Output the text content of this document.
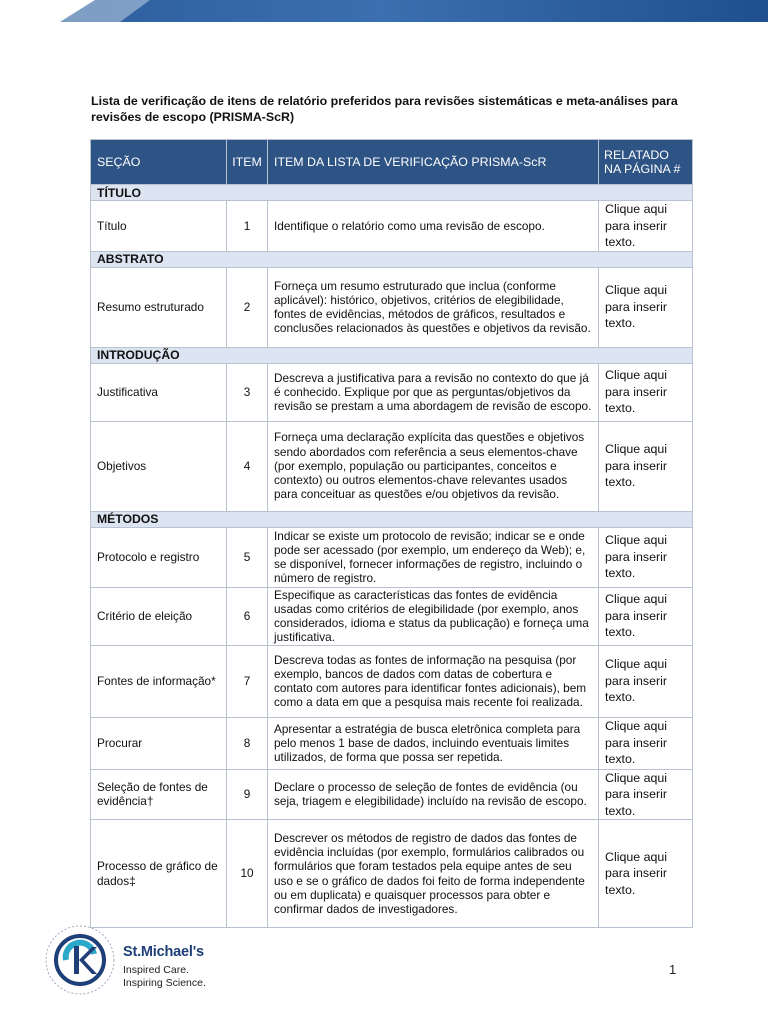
Lista de verificação de itens de relatório preferidos para revisões sistemáticas e meta-análises para revisões de escopo (PRISMA-ScR)

SEÇÃO	ITEM	ITEM DA LISTA DE VERIFICAÇÃO PRISMA-ScR	RELATADO NA PÁGINA #
TÍTULO			
Título	1	Identifique o relatório como uma revisão de escopo.	Clique aqui para inserir texto.
ABSTRATO			
Resumo estruturado	2	Forneça um resumo estruturado que inclua (conforme aplicável): histórico, objetivos, critérios de elegibilidade, fontes de evidências, métodos de gráficos, resultados e conclusões relacionados às questões e objetivos da revisão.	Clique aqui para inserir texto.
INTRODUÇÃO			
Justificativa	3	Descreva a justificativa para a revisão no contexto do que já é conhecido. Explique por que as perguntas/objetivos da revisão se prestam a uma abordagem de revisão de escopo.	Clique aqui para inserir texto.
Objetivos	4	Forneça uma declaração explícita das questões e objetivos sendo abordados com referência a seus elementos-chave (por exemplo, população ou participantes, conceitos e contexto) ou outros elementos-chave relevantes usados para conceituar as questões e/ou objetivos da revisão.	Clique aqui para inserir texto.
MÉTODOS			
Protocolo e registro	5	Indicar se existe um protocolo de revisão; indicar se e onde pode ser acessado (por exemplo, um endereço da Web); e, se disponível, fornecer informações de registro, incluindo o número de registro.	Clique aqui para inserir texto.
Critério de eleição	6	Especifique as características das fontes de evidência usadas como critérios de elegibilidade (por exemplo, anos considerados, idioma e status da publicação) e forneça uma justificativa.	Clique aqui para inserir texto.
Fontes de informação*	7	Descreva todas as fontes de informação na pesquisa (por exemplo, bancos de dados com datas de cobertura e contato com autores para identificar fontes adicionais), bem como a data em que a pesquisa mais recente foi realizada.	Clique aqui para inserir texto.
Procurar	8	Apresentar a estratégia de busca eletrônica completa para pelo menos 1 base de dados, incluindo eventuais limites utilizados, de forma que possa ser repetida.	Clique aqui para inserir texto.
Seleção de fontes de evidência†	9	Declare o processo de seleção de fontes de evidência (ou seja, triagem e elegibilidade) incluído na revisão de escopo.	Clique aqui para inserir texto.
Processo de gráfico de dados‡	10	Descrever os métodos de registro de dados das fontes de evidência incluídas (por exemplo, formulários calibrados ou formulários que foram testados pela equipe antes de seu uso e se o gráfico de dados foi feito de forma independente ou em duplicata) e quaisquer processos para obter e confirmar dados de investigadores.	Clique aqui para inserir texto.
St.Michael's
Inspired Care.
Inspiring Science.
1
